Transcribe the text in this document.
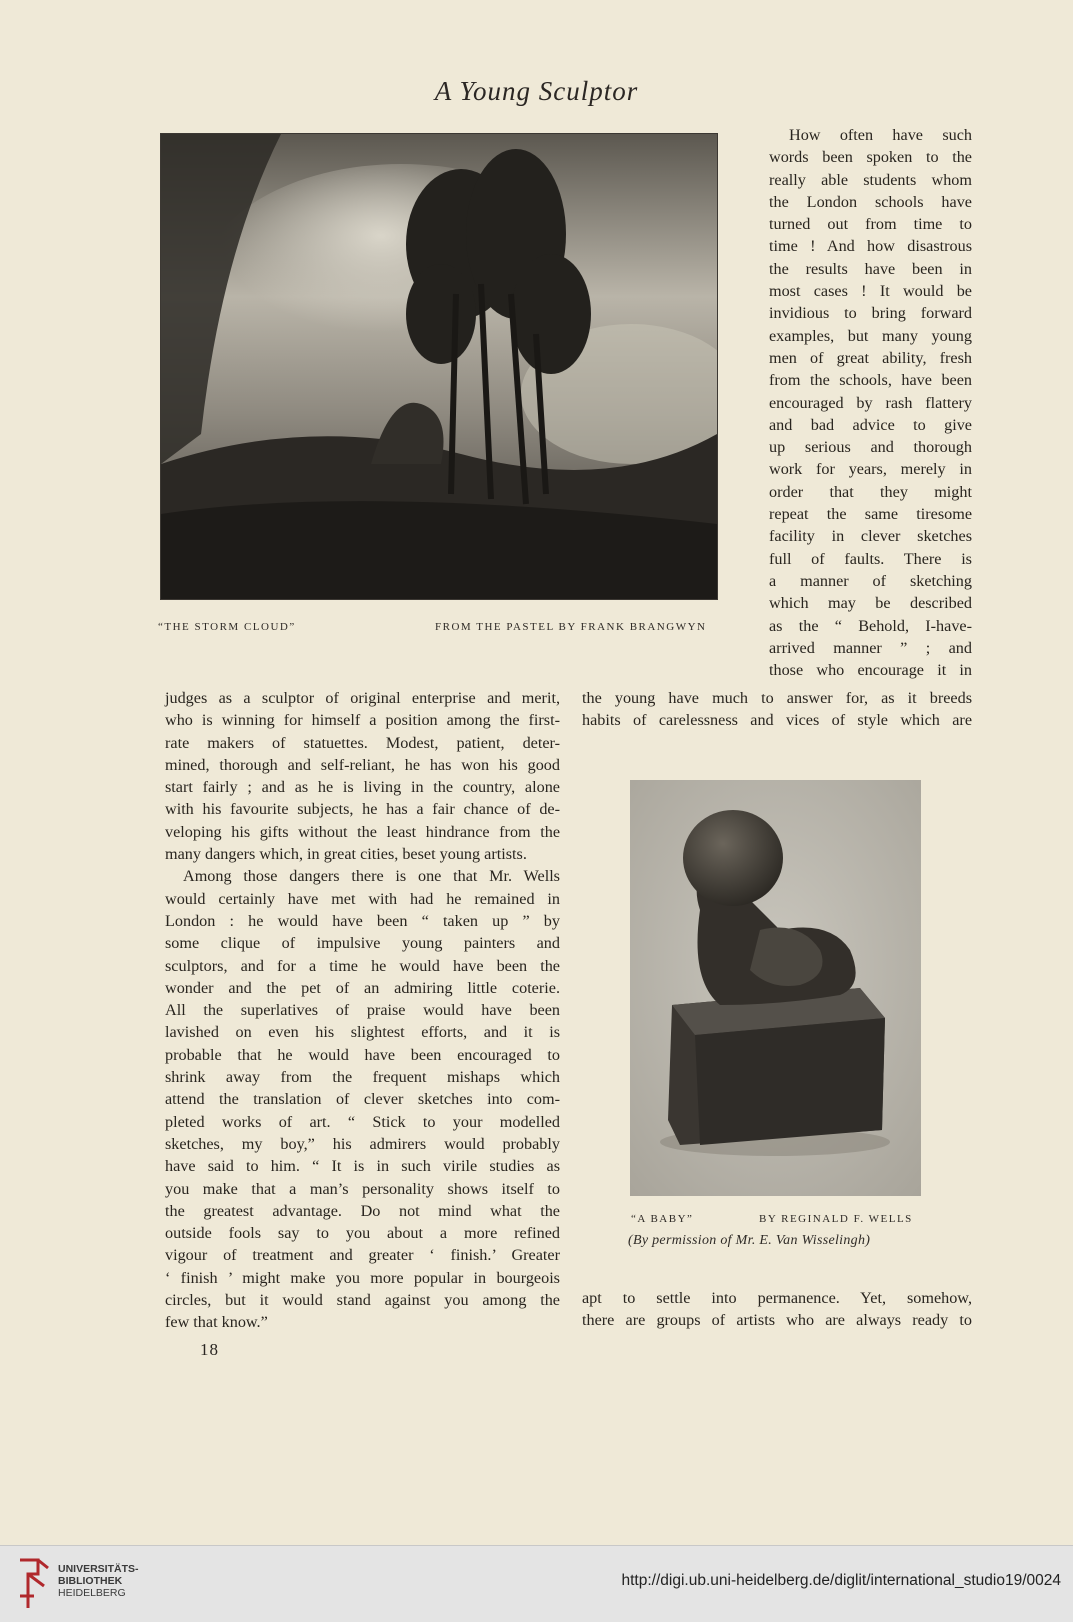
A Young Sculptor
“THE STORM CLOUD”	FROM THE PASTEL BY FRANK BRANGWYN
How often have such
words been spoken to the
really able students whom
the London schools have
turned out from time to
time ! And how disastrous
the results have been in
most cases ! It would be
invidious to bring forward
examples, but many young
men of great ability, fresh
from the schools, have been
encouraged by rash flattery
and bad advice to give
up serious and thorough
work for years, merely in
order that they might
repeat the same tiresome
facility in clever sketches
full of faults. There is
a manner of sketching
which may be described
as the “ Behold, I-have-
arrived manner ” ; and
those who encourage it in
the young have much to answer for, as it breeds
habits of carelessness and vices of style which are
judges as a sculptor of original enterprise and merit,
who is winning for himself a position among the first-
rate makers of statuettes. Modest, patient, deter-
mined, thorough and self-reliant, he has won his good
start fairly ; and as he is living in the country, alone
with his favourite subjects, he has a fair chance of de-
veloping his gifts without the least hindrance from the
many dangers which, in great cities, beset young artists.
Among those dangers there is one that Mr. Wells
would certainly have met with had he remained in
London : he would have been “ taken up ” by
some clique of impulsive young painters and
sculptors, and for a time he would have been the
wonder and the pet of an admiring little coterie.
All the superlatives of praise would have been
lavished on even his slightest efforts, and it is
probable that he would have been encouraged to
shrink away from the frequent mishaps which
attend the translation of clever sketches into com-
pleted works of art. “ Stick to your modelled
sketches, my boy,” his admirers would probably
have said to him. “ It is in such virile studies as
you make that a man’s personality shows itself to
the greatest advantage. Do not mind what the
outside fools say to you about a more refined
vigour of treatment and greater ‘ finish.’ Greater
‘ finish ’ might make you more popular in bourgeois
circles, but it would stand against you among the
few that know.”
“A BABY”	BY REGINALD F. WELLS
(By permission of Mr. E. Van Wisselingh)
apt to settle into permanence. Yet, somehow,
there are groups of artists who are always ready to
18
UNIVERSITÄTS-
BIBLIOTHEK
HEIDELBERG
http://digi.ub.uni-heidelberg.de/diglit/international_studio19/0024
